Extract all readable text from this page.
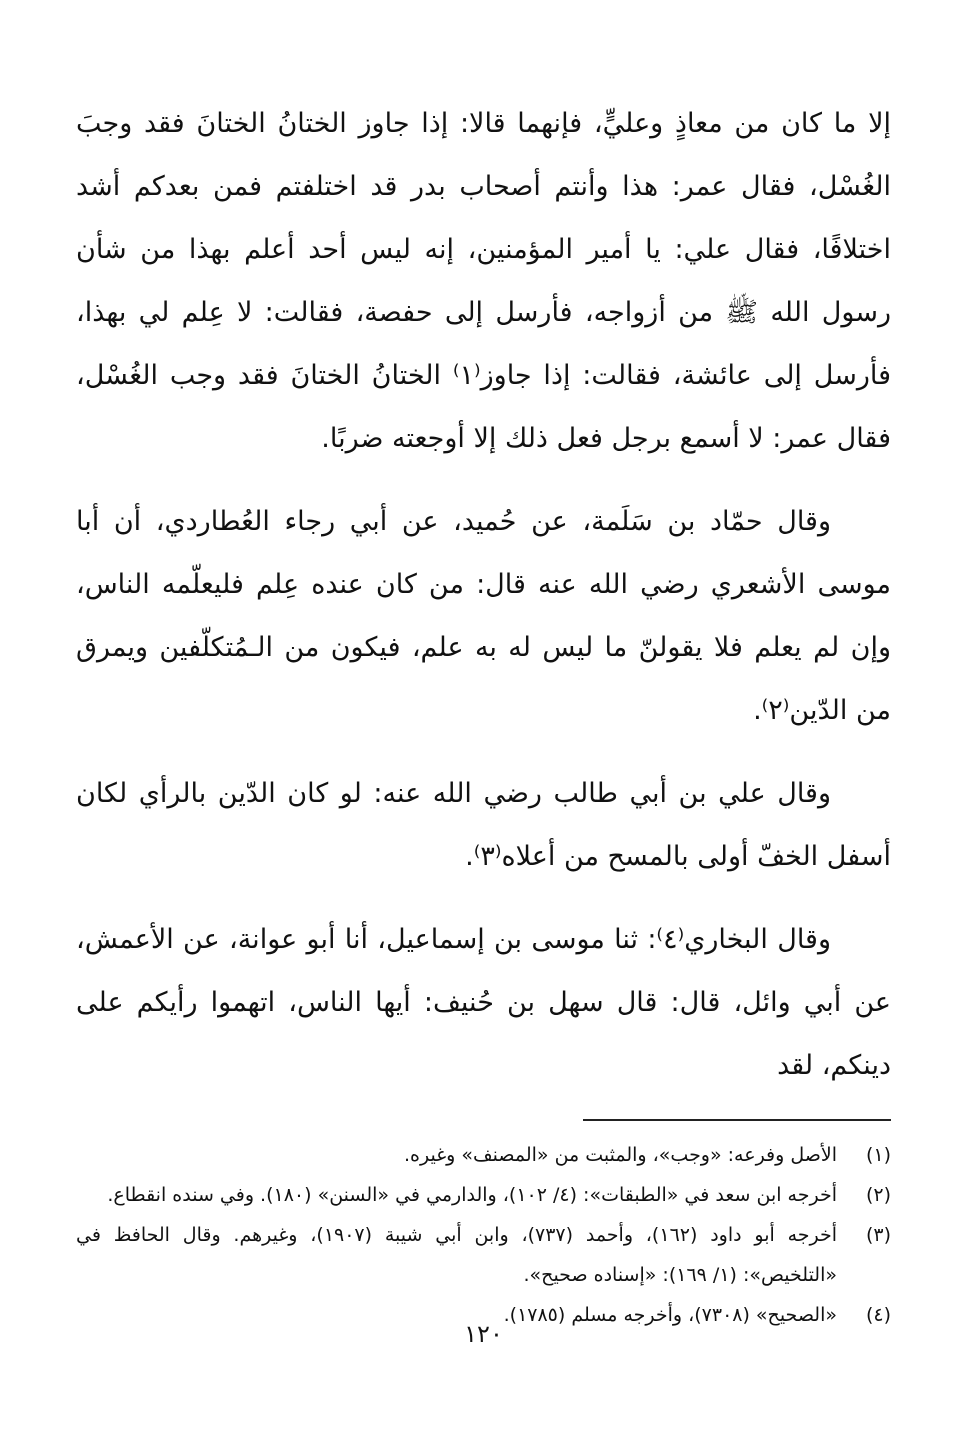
إلا ما كان من معاذٍ وعليٍّ، فإنهما قالا: إذا جاوز الختانُ الختانَ فقد وجبَ الغُسْل، فقال عمر: هذا وأنتم أصحاب بدر قد اختلفتم فمن بعدكم أشد اختلافًا، فقال علي: يا أمير المؤمنين، إنه ليس أحد أعلم بهذا من شأن رسول الله ﷺ من أزواجه، فأرسل إلى حفصة، فقالت: لا عِلم لي بهذا، فأرسل إلى عائشة، فقالت: إذا جاوز⁽١⁾ الختانُ الختانَ فقد وجب الغُسْل، فقال عمر: لا أسمع برجل فعل ذلك إلا أوجعته ضربًا.

وقال حمّاد بن سَلَمة، عن حُميد، عن أبي رجاء العُطاردي، أن أبا موسى الأشعري رضي الله عنه قال: من كان عنده عِلم فليعلّمه الناس، وإن لم يعلم فلا يقولنّ ما ليس له به علم، فيكون من الـمُتكلّفين ويمرق من الدّين⁽٢⁾.

وقال علي بن أبي طالب رضي الله عنه: لو كان الدّين بالرأي لكان أسفل الخفّ أولى بالمسح من أعلاه⁽٣⁾.

وقال البخاري⁽٤⁾: ثنا موسى بن إسماعيل، أنا أبو عوانة، عن الأعمش، عن أبي وائل، قال: قال سهل بن حُنيف: أيها الناس، اتهموا رأيكم على دينكم، لقد

(١)
الأصل وفرعه: «وجب»، والمثبت من «المصنف» وغيره.
(٢)
أخرجه ابن سعد في «الطبقات»: (٤/ ١٠٢)، والدارمي في «السنن» (١٨٠). وفي سنده انقطاع.
(٣)
أخرجه أبو داود (١٦٢)، وأحمد (٧٣٧)، وابن أبي شيبة (١٩٠٧)، وغيرهم. وقال الحافظ في «التلخيص»: (١/ ١٦٩): «إسناده صحيح».
(٤)
«الصحيح» (٧٣٠٨)، وأخرجه مسلم (١٧٨٥).
١٢٠
